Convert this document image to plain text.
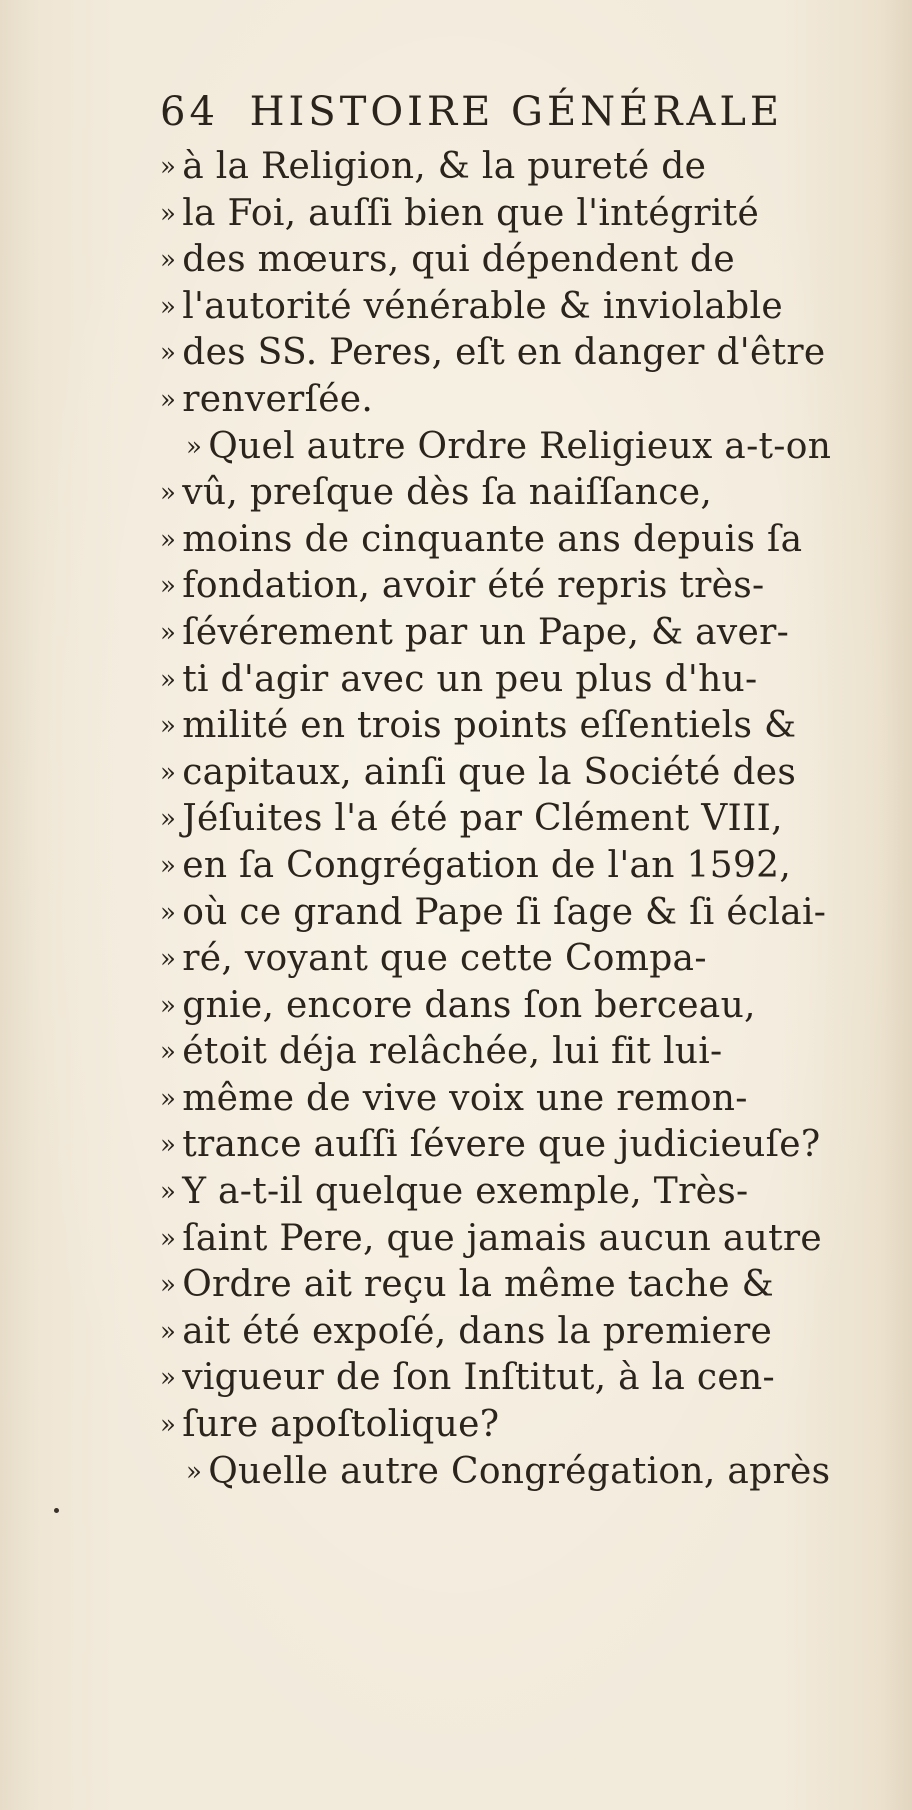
64 HISTOIRE GÉNÉRALE
» à la Religion, & la pureté de
» la Foi, auſſi bien que l'intégrité
» des mœurs, qui dépendent de
» l'autorité vénérable & inviolable
» des SS. Peres, eſt en danger d'être
» renverſée.
» Quel autre Ordre Religieux a-t-on
» vû, preſque dès ſa naiſſance,
» moins de cinquante ans depuis ſa
» fondation, avoir été repris très-
» ſévérement par un Pape, & aver-
» ti d'agir avec un peu plus d'hu-
» milité en trois points eſſentiels &
» capitaux, ainſi que la Société des
» Jéſuites l'a été par Clément VIII,
» en ſa Congrégation de l'an 1592,
» où ce grand Pape ſi ſage & ſi éclai-
» ré, voyant que cette Compa-
» gnie, encore dans ſon berceau,
» étoit déja relâchée, lui fit lui-
» même de vive voix une remon-
» trance auſſi ſévere que judicieuſe?
» Y a-t-il quelque exemple, Très-
» ſaint Pere, que jamais aucun autre
» Ordre ait reçu la même tache &
» ait été expoſé, dans la premiere
» vigueur de ſon Inſtitut, à la cen-
» ſure apoſtolique?
» Quelle autre Congrégation, après
